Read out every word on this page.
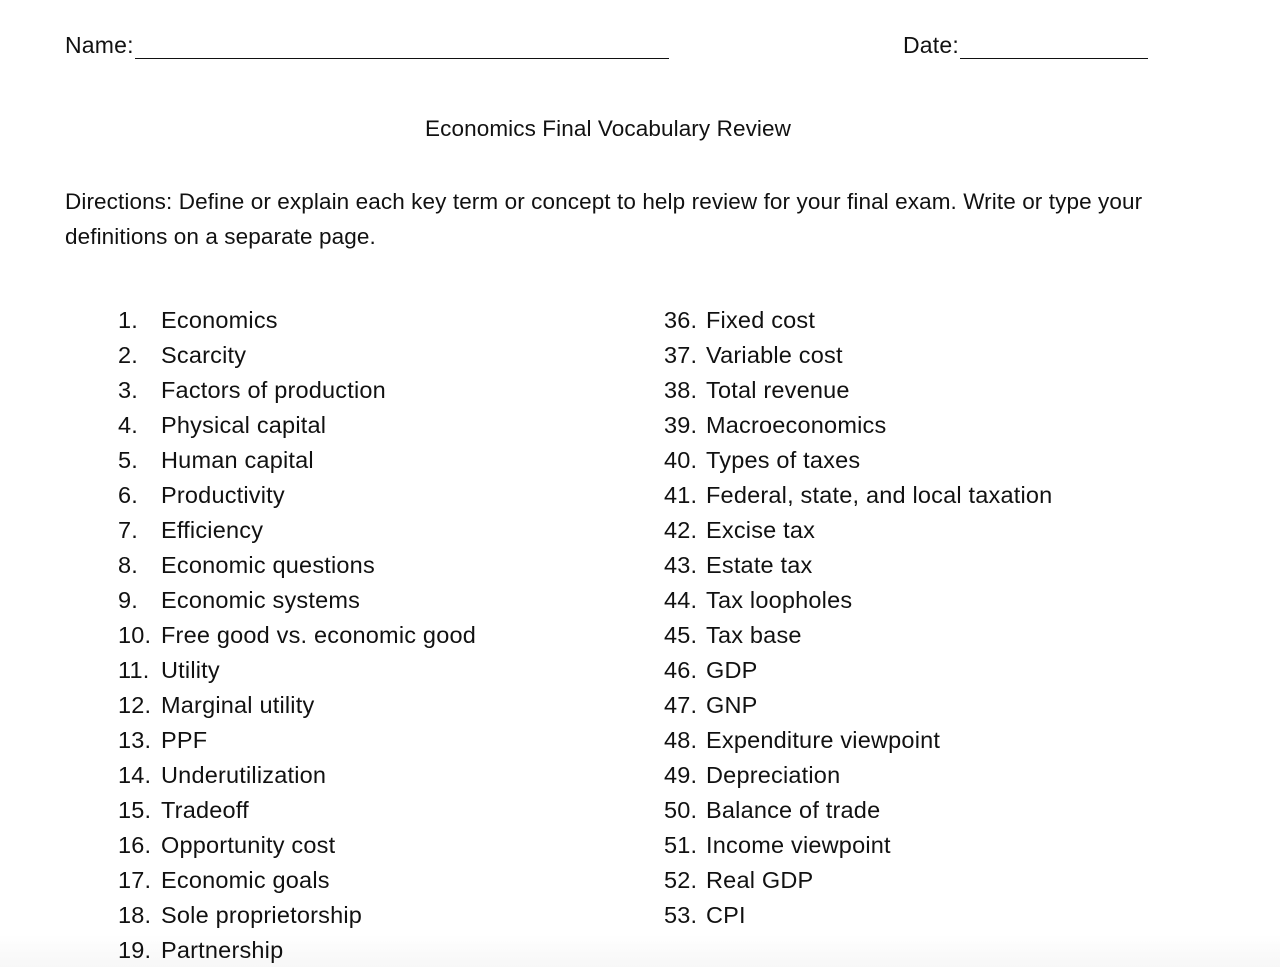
Name:	Date:
Economics Final Vocabulary Review
Directions: Define or explain each key term or concept to help review for your final exam. Write or type your definitions on a separate page.
1. Economics
2. Scarcity
3. Factors of production
4. Physical capital
5. Human capital
6. Productivity
7. Efficiency
8. Economic questions
9. Economic systems
10. Free good vs. economic good
11. Utility
12. Marginal utility
13. PPF
14. Underutilization
15. Tradeoff
16. Opportunity cost
17. Economic goals
18. Sole proprietorship
19. Partnership
36. Fixed cost
37. Variable cost
38. Total revenue
39. Macroeconomics
40. Types of taxes
41. Federal, state, and local taxation
42. Excise tax
43. Estate tax
44. Tax loopholes
45. Tax base
46. GDP
47. GNP
48. Expenditure viewpoint
49. Depreciation
50. Balance of trade
51. Income viewpoint
52. Real GDP
53. CPI
